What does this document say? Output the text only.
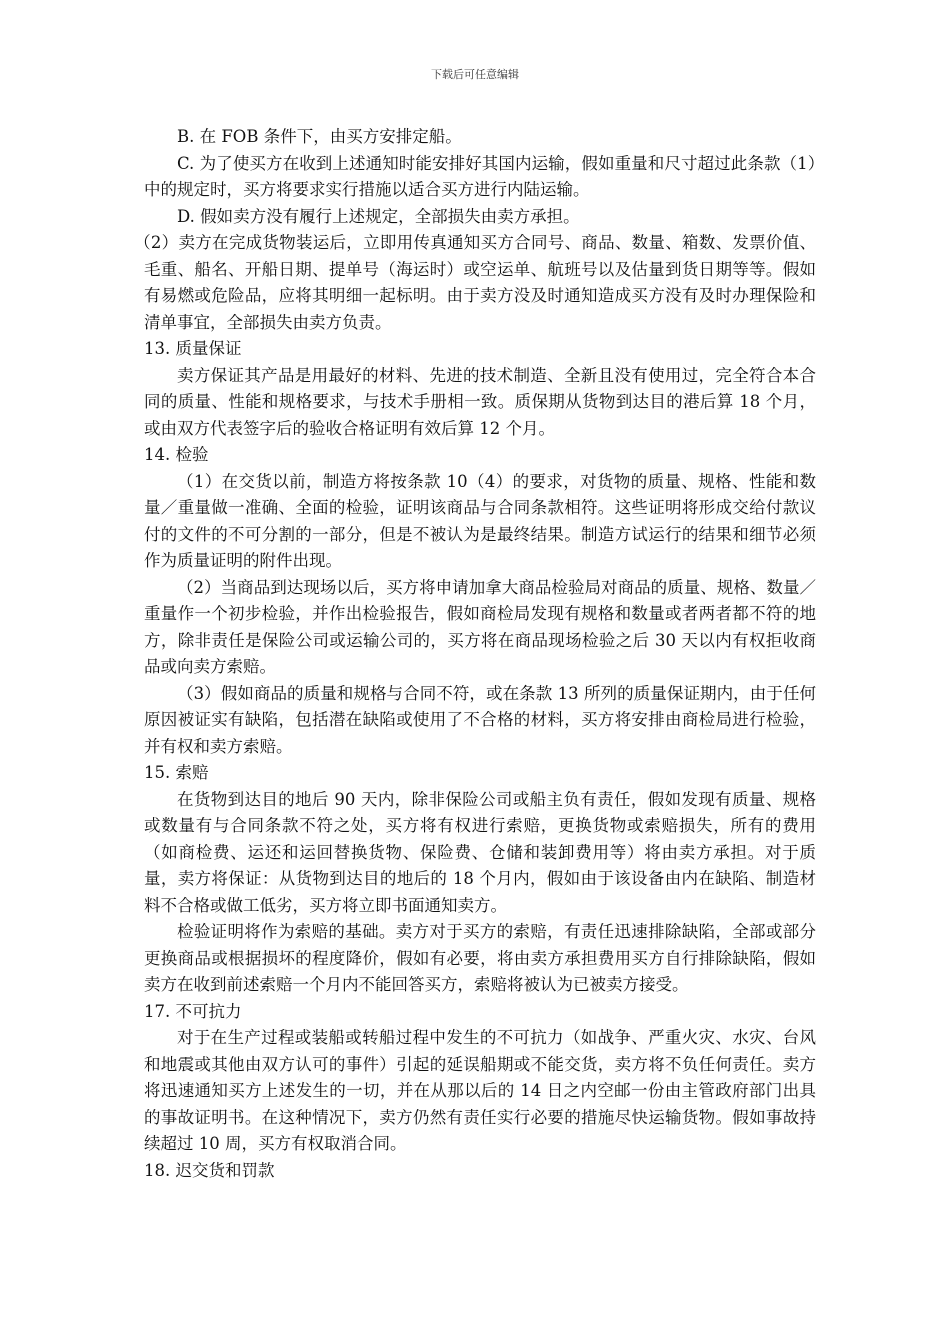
下载后可任意编辑

B. 在 FOB 条件下，由买方安排定船。

C. 为了使买方在收到上述通知时能安排好其国内运输，假如重量和尺寸超过此条款（1）中的规定时，买方将要求实行措施以适合买方进行内陆运输。

D. 假如卖方没有履行上述规定，全部损失由卖方承担。

（2）卖方在完成货物装运后，立即用传真通知买方合同号、商品、数量、箱数、发票价值、毛重、船名、开船日期、提单号（海运时）或空运单、航班号以及估量到货日期等等。假如有易燃或危险品，应将其明细一起标明。由于卖方没及时通知造成买方没有及时办理保险和清单事宜，全部损失由卖方负责。

13. 质量保证

卖方保证其产品是用最好的材料、先进的技术制造、全新且没有使用过，完全符合本合同的质量、性能和规格要求，与技术手册相一致。质保期从货物到达目的港后算 18 个月，或由双方代表签字后的验收合格证明有效后算 12 个月。

14. 检验

（1）在交货以前，制造方将按条款 10（4）的要求，对货物的质量、规格、性能和数量／重量做一准确、全面的检验，证明该商品与合同条款相符。这些证明将形成交给付款议付的文件的不可分割的一部分，但是不被认为是最终结果。制造方试运行的结果和细节必须作为质量证明的附件出现。

（2）当商品到达现场以后，买方将申请加拿大商品检验局对商品的质量、规格、数量／重量作一个初步检验，并作出检验报告，假如商检局发现有规格和数量或者两者都不符的地方，除非责任是保险公司或运输公司的，买方将在商品现场检验之后 30 天以内有权拒收商品或向卖方索赔。

（3）假如商品的质量和规格与合同不符，或在条款 13 所列的质量保证期内，由于任何原因被证实有缺陷，包括潜在缺陷或使用了不合格的材料，买方将安排由商检局进行检验，并有权和卖方索赔。

15. 索赔

在货物到达目的地后 90 天内，除非保险公司或船主负有责任，假如发现有质量、规格或数量有与合同条款不符之处，买方将有权进行索赔，更换货物或索赔损失，所有的费用（如商检费、运还和运回替换货物、保险费、仓储和装卸费用等）将由卖方承担。对于质量，卖方将保证：从货物到达目的地后的 18 个月内，假如由于该设备由内在缺陷、制造材料不合格或做工低劣，买方将立即书面通知卖方。

检验证明将作为索赔的基础。卖方对于买方的索赔，有责任迅速排除缺陷，全部或部分更换商品或根据损坏的程度降价，假如有必要，将由卖方承担费用买方自行排除缺陷，假如卖方在收到前述索赔一个月内不能回答买方，索赔将被认为已被卖方接受。

17. 不可抗力

对于在生产过程或装船或转船过程中发生的不可抗力（如战争、严重火灾、水灾、台风和地震或其他由双方认可的事件）引起的延误船期或不能交货，卖方将不负任何责任。卖方将迅速通知买方上述发生的一切，并在从那以后的 14 日之内空邮一份由主管政府部门出具的事故证明书。在这种情况下，卖方仍然有责任实行必要的措施尽快运输货物。假如事故持续超过 10 周，买方有权取消合同。

18. 迟交货和罚款
